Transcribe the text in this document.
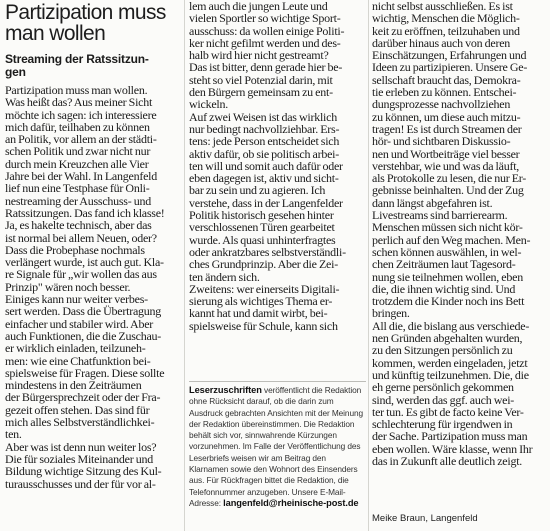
Partizipation muss
man wollen
Streaming der Ratssitzun-
gen

Partizipation muss man wollen.
Was heißt das? Aus meiner Sicht
möchte ich sagen: ich interessiere
mich dafür, teilhaben zu können
an Politik, vor allem an der städti-
schen Politik und zwar nicht nur
durch mein Kreuzchen alle Vier
Jahre bei der Wahl. In Langenfeld
lief nun eine Testphase für Onli-
nestreaming der Ausschuss- und
Ratssitzungen. Das fand ich klasse!
Ja, es hakelte technisch, aber das
ist normal bei allem Neuen, oder?
Dass die Probephase nochmals
verlängert wurde, ist auch gut. Kla-
re Signale für „wir wollen das aus
Prinzip" wären noch besser.
Einiges kann nur weiter verbes-
sert werden. Dass die Übertragung
einfacher und stabiler wird. Aber
auch Funktionen, die die Zuschau-
er wirklich einladen, teilzuneh-
men: wie eine Chatfunktion bei-
spielsweise für Fragen. Diese sollte
mindestens in den Zeiträumen
der Bürgersprechzeit oder der Fra-
gezeit offen stehen. Das sind für
mich alles Selbstverständlichkei-
ten.
Aber was ist denn nun weiter los?
Die für soziales Miteinander und
Bildung wichtige Sitzung des Kul-
turausschusses und der für vor al-

lem auch die jungen Leute und
vielen Sportler so wichtige Sport-
ausschuss: da wollen einige Politi-
ker nicht gefilmt werden und des-
halb wird hier nicht gestreamt?
Das ist bitter, denn gerade hier be-
steht so viel Potenzial darin, mit
den Bürgern gemeinsam zu ent-
wickeln.
Auf zwei Weisen ist das wirklich
nur bedingt nachvollziehbar. Ers-
tens: jede Person entscheidet sich
aktiv dafür, ob sie politisch arbei-
ten will und somit auch dafür oder
eben dagegen ist, aktiv und sicht-
bar zu sein und zu agieren. Ich
verstehe, dass in der Langenfelder
Politik historisch gesehen hinter
verschlossenen Türen gearbeitet
wurde. Als quasi unhinterfragtes
oder ankratzbares selbstverständli-
ches Grundprinzip. Aber die Zei-
ten ändern sich.
Zweitens: wer einerseits Digitali-
sierung als wichtiges Thema er-
kannt hat und damit wirbt, bei-
spielsweise für Schule, kann sich

Leserzuschriften veröffentlicht die Redaktion ohne Rücksicht darauf, ob die darin zum Ausdruck gebrachten Ansichten mit der Meinung der Redaktion übereinstimmen. Die Redaktion behält sich vor, sinnwahrende Kürzungen vorzunehmen. Im Falle der Veröffentlichung des Leserbriefs weisen wir am Beitrag den Klarnamen sowie den Wohnort des Einsenders aus. Für Rückfragen bittet die Redaktion, die Telefonnummer anzugeben. Unsere E-Mail-Adresse: langenfeld@rheinische-post.de

nicht selbst ausschließen. Es ist
wichtig, Menschen die Möglich-
keit zu eröffnen, teilzuhaben und
darüber hinaus auch von deren
Einschätzungen, Erfahrungen und
Ideen zu partizipieren. Unsere Ge-
sellschaft braucht das, Demokra-
tie erleben zu können. Entschei-
dungsprozesse nachvollziehen
zu können, um diese auch mitzu-
tragen! Es ist durch Streamen der
hör- und sichtbaren Diskussio-
nen und Wortbeiträge viel besser
verstehbar, wie und was da läuft,
als Protokolle zu lesen, die nur Er-
gebnisse beinhalten. Und der Zug
dann längst abgefahren ist.
Livestreams sind barrierearm.
Menschen müssen sich nicht kör-
perlich auf den Weg machen. Men-
schen können auswählen, in wel-
chen Zeiträumen laut Tagesord-
nung sie teilnehmen wollen, eben
die, die ihnen wichtig sind. Und
trotzdem die Kinder noch ins Bett
bringen.
All die, die bislang aus verschiede-
nen Gründen abgehalten wurden,
zu den Sitzungen persönlich zu
kommen, werden eingeladen, jetzt
und künftig teilzunehmen. Die, die
eh gerne persönlich gekommen
sind, werden das ggf. auch wei-
ter tun. Es gibt de facto keine Ver-
schlechterung für irgendwen in
der Sache. Partizipation muss man
eben wollen. Wäre klasse, wenn Ihr
das in Zukunft alle deutlich zeigt.

Meike Braun, Langenfeld
